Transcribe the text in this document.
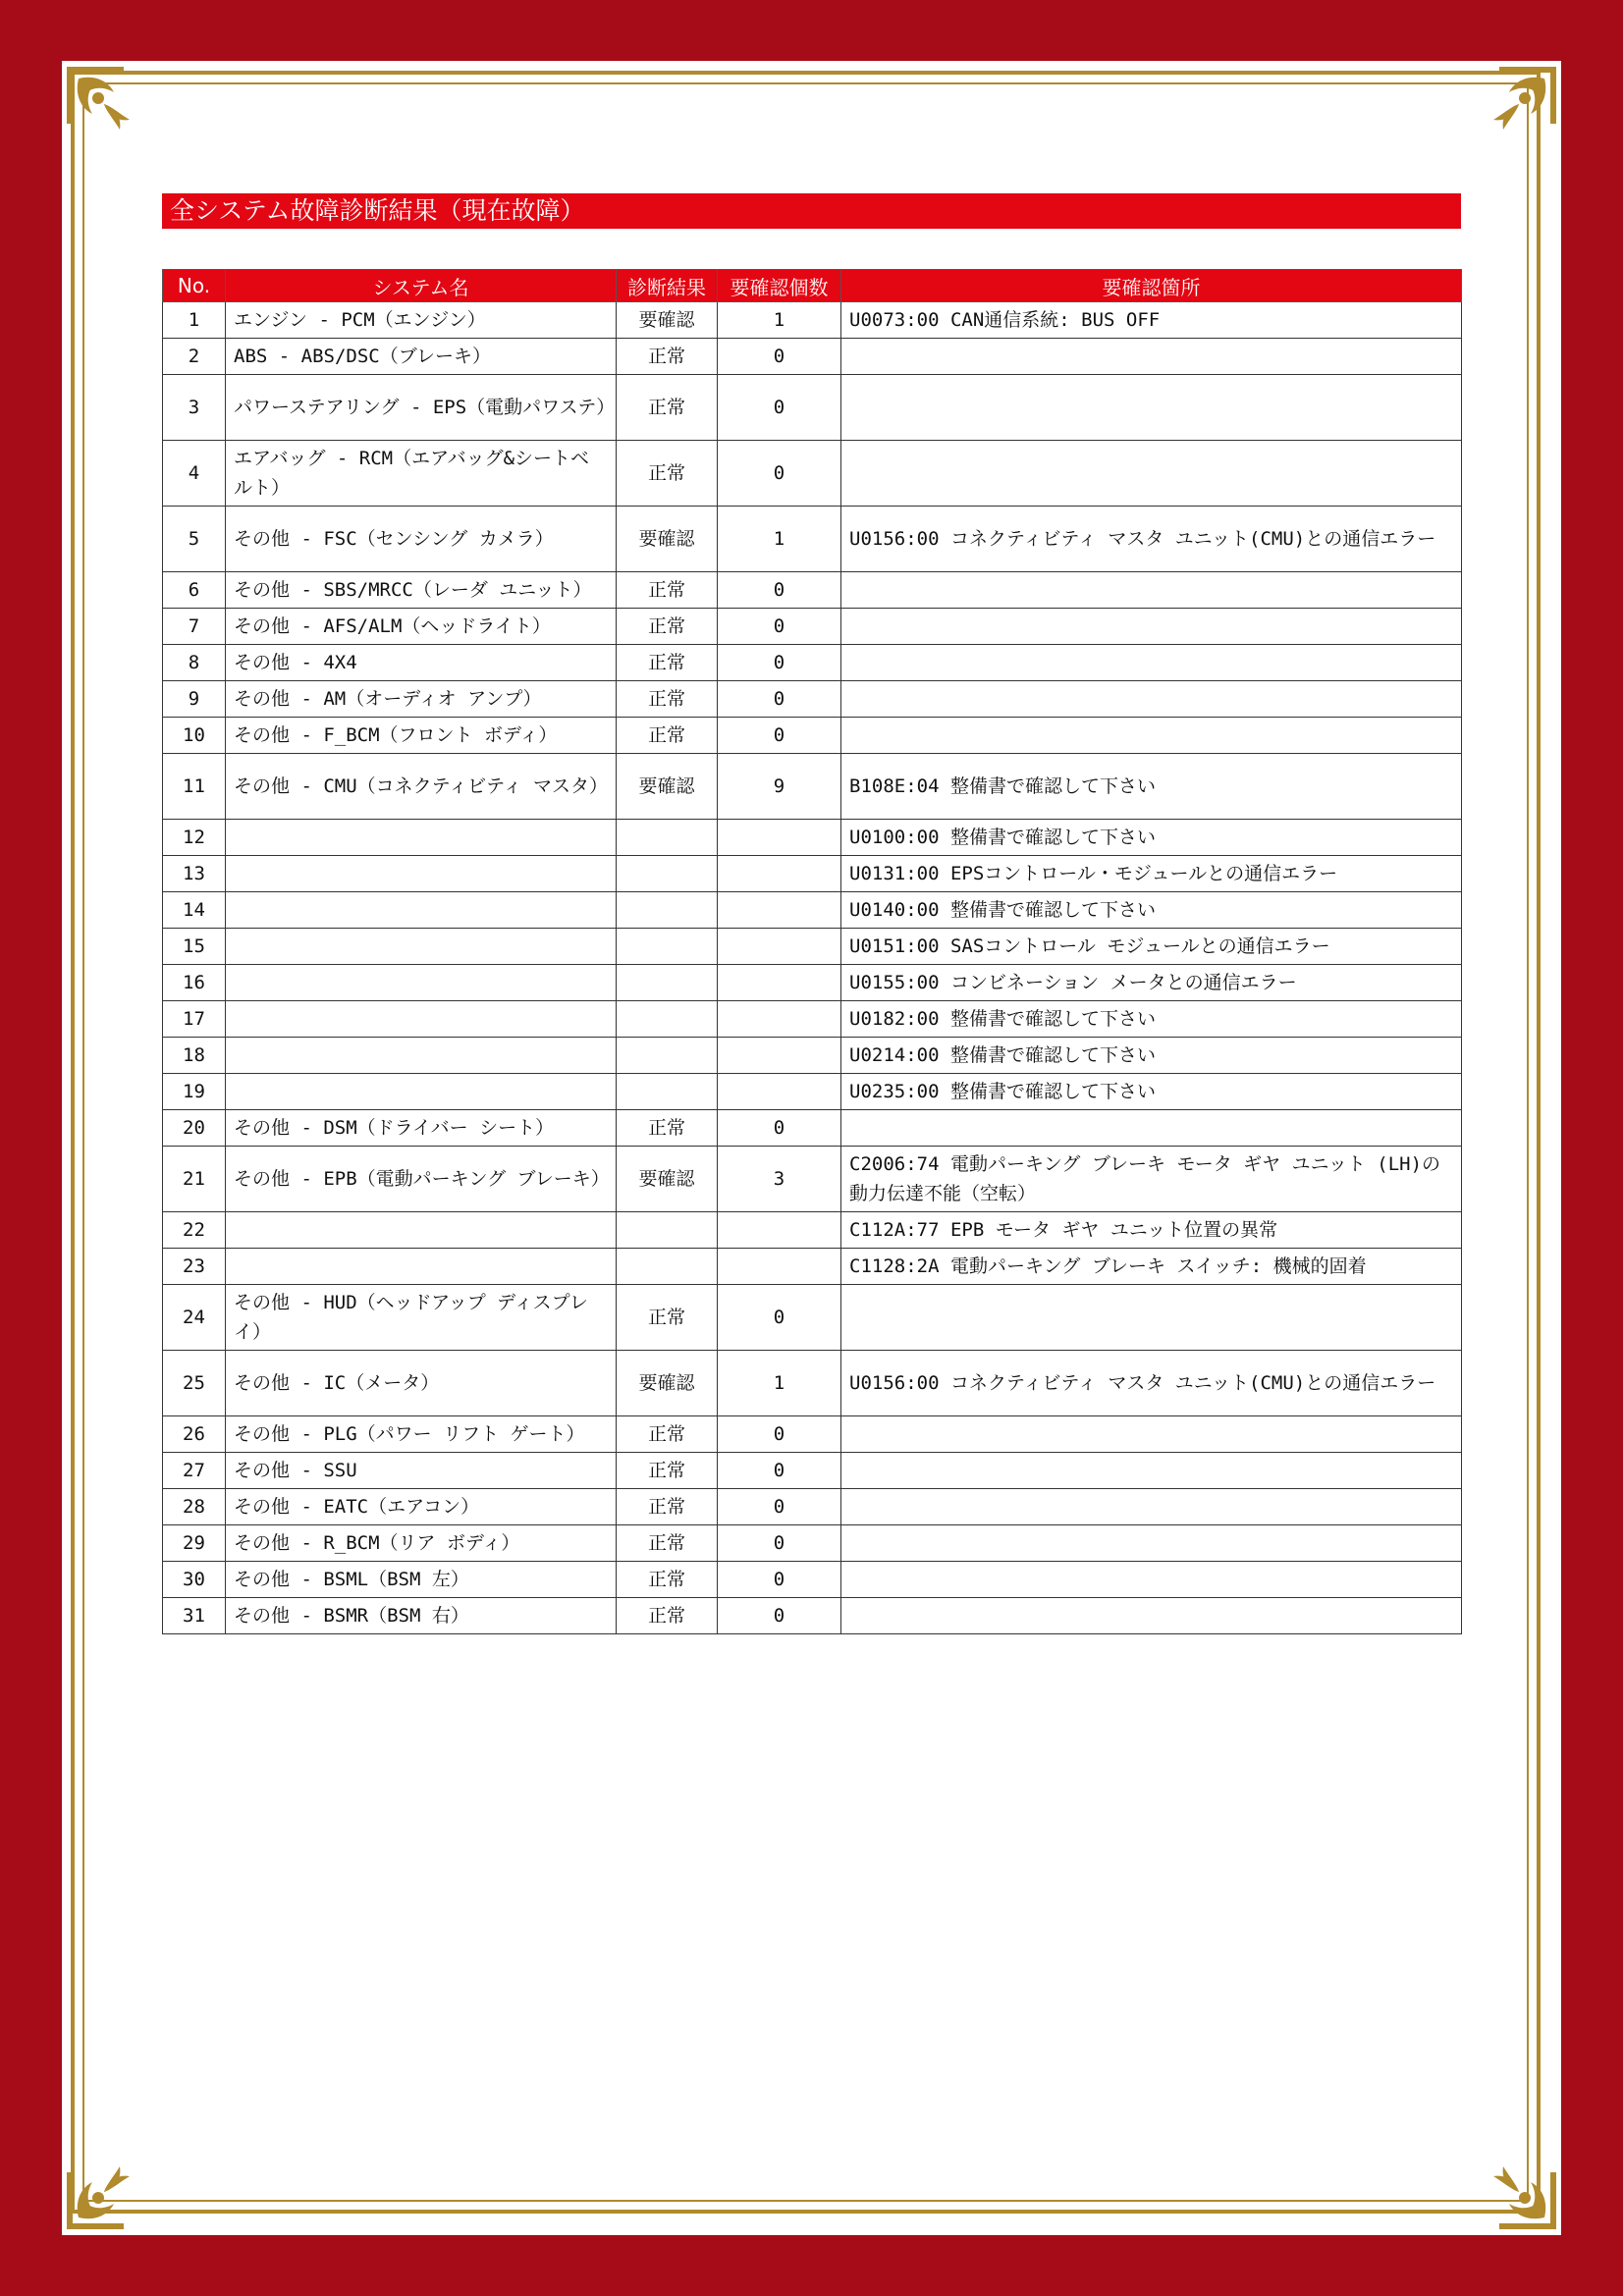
全システム故障診断結果（現在故障）
No.	システム名	診断結果	要確認個数	要確認箇所
1	エンジン - PCM（エンジン）	要確認	1	U0073:00 CAN通信系統: BUS OFF
2	ABS - ABS/DSC（ブレーキ）	正常	0	
3	パワーステアリング - EPS（電動パワステ）	正常	0	
4	エアバッグ - RCM（エアバッグ&シートベルト）	正常	0	
5	その他 - FSC（センシング カメラ）	要確認	1	U0156:00 コネクティビティ マスタ ユニット(CMU)との通信エラー
6	その他 - SBS/MRCC（レーダ ユニット）	正常	0	
7	その他 - AFS/ALM（ヘッドライト）	正常	0	
8	その他 - 4X4	正常	0	
9	その他 - AM（オーディオ アンプ）	正常	0	
10	その他 - F_BCM（フロント ボディ）	正常	0	
11	その他 - CMU（コネクティビティ マスタ）	要確認	9	B108E:04 整備書で確認して下さい
12				U0100:00 整備書で確認して下さい
13				U0131:00 EPSコントロール・モジュールとの通信エラー
14				U0140:00 整備書で確認して下さい
15				U0151:00 SASコントロール モジュールとの通信エラー
16				U0155:00 コンビネーション メータとの通信エラー
17				U0182:00 整備書で確認して下さい
18				U0214:00 整備書で確認して下さい
19				U0235:00 整備書で確認して下さい
20	その他 - DSM（ドライバー シート）	正常	0	
21	その他 - EPB（電動パーキング ブレーキ）	要確認	3	C2006:74 電動パーキング ブレーキ モータ ギヤ ユニット (LH)の動力伝達不能（空転）
22				C112A:77 EPB モータ ギヤ ユニット位置の異常
23				C1128:2A 電動パーキング ブレーキ スイッチ: 機械的固着
24	その他 - HUD（ヘッドアップ ディスプレイ）	正常	0	
25	その他 - IC（メータ）	要確認	1	U0156:00 コネクティビティ マスタ ユニット(CMU)との通信エラー
26	その他 - PLG（パワー リフト ゲート）	正常	0	
27	その他 - SSU	正常	0	
28	その他 - EATC（エアコン）	正常	0	
29	その他 - R_BCM（リア ボディ）	正常	0	
30	その他 - BSML（BSM 左）	正常	0	
31	その他 - BSMR（BSM 右）	正常	0	
